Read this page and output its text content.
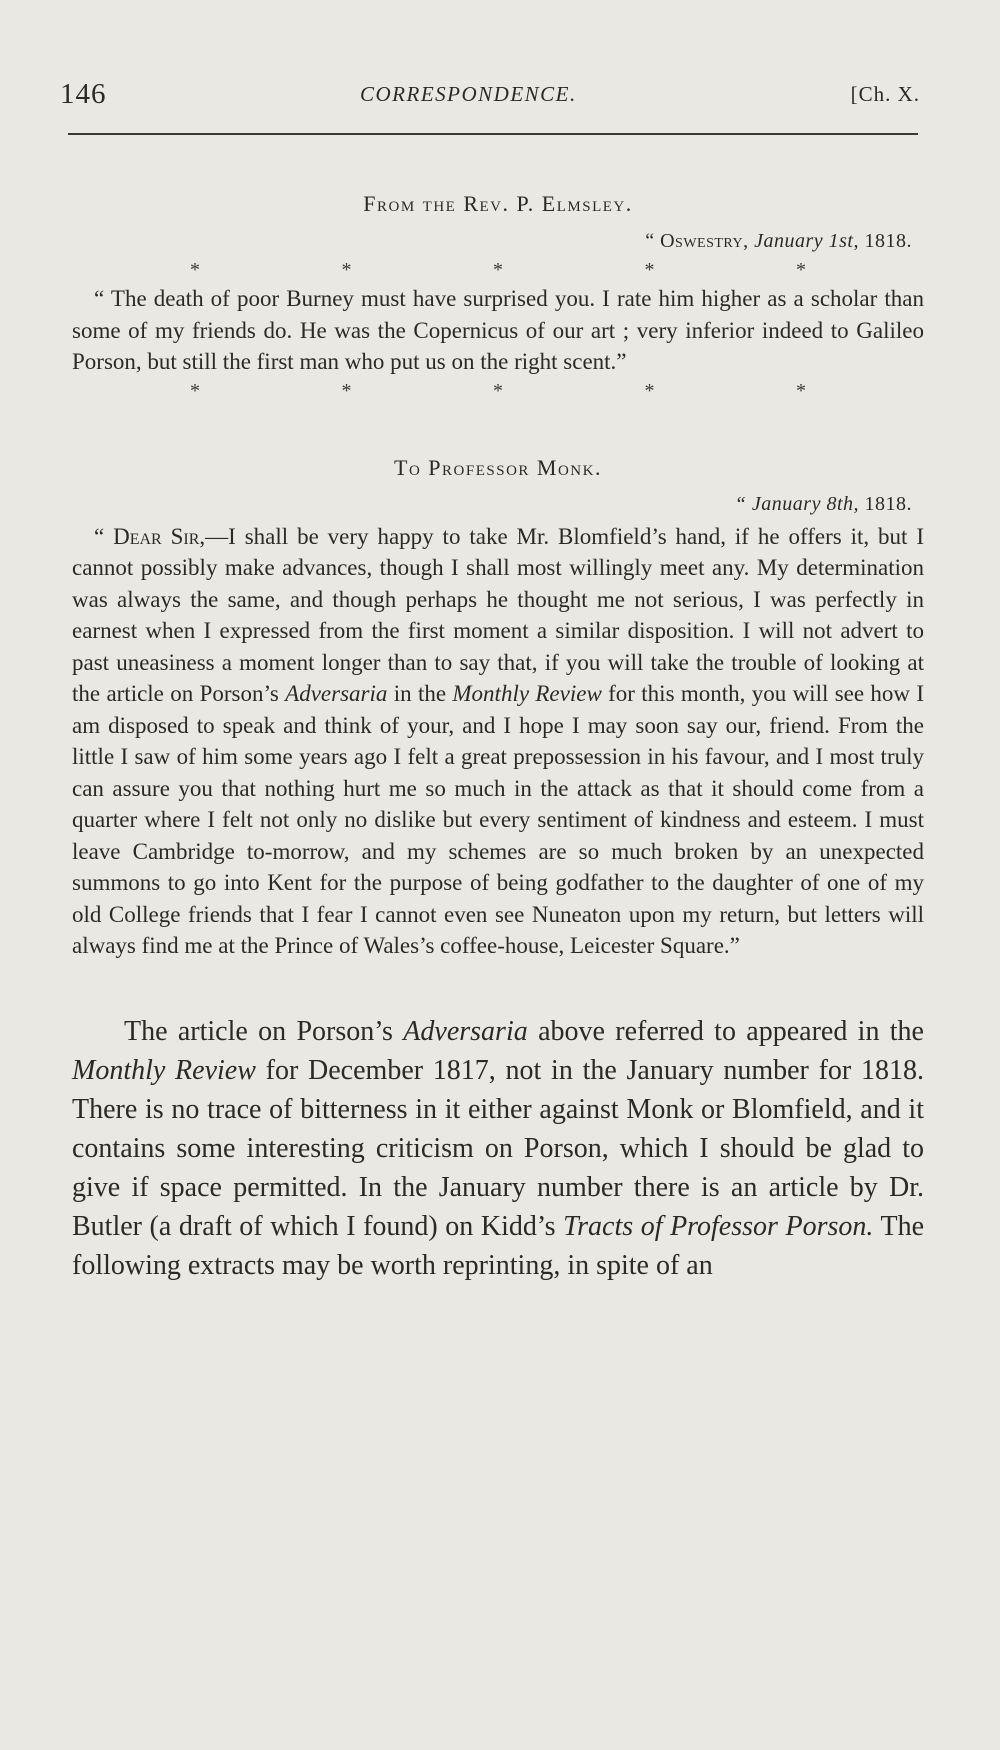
146	CORRESPONDENCE.	[Ch. X.

From the Rev. P. Elmsley.

“ Oswestry, January 1st, 1818.

*	*	*	*	*

“ The death of poor Burney must have surprised you. I rate him higher as a scholar than some of my friends do. He was the Copernicus of our art ; very inferior indeed to Galileo Porson, but still the first man who put us on the right scent.”

*	*	*	*	*

To Professor Monk.

“ January 8th, 1818.

“ Dear Sir,—I shall be very happy to take Mr. Blomfield’s hand, if he offers it, but I cannot possibly make advances, though I shall most willingly meet any. My determination was always the same, and though perhaps he thought me not serious, I was perfectly in earnest when I expressed from the first moment a similar disposition. I will not advert to past uneasiness a moment longer than to say that, if you will take the trouble of looking at the article on Porson’s Adversaria in the Monthly Review for this month, you will see how I am disposed to speak and think of your, and I hope I may soon say our, friend. From the little I saw of him some years ago I felt a great prepossession in his favour, and I most truly can assure you that nothing hurt me so much in the attack as that it should come from a quarter where I felt not only no dislike but every sentiment of kindness and esteem. I must leave Cambridge to-morrow, and my schemes are so much broken by an unexpected summons to go into Kent for the purpose of being godfather to the daughter of one of my old College friends that I fear I cannot even see Nuneaton upon my return, but letters will always find me at the Prince of Wales’s coffee-house, Leicester Square.”

The article on Porson’s Adversaria above referred to appeared in the Monthly Review for December 1817, not in the January number for 1818. There is no trace of bitterness in it either against Monk or Blomfield, and it contains some interesting criticism on Porson, which I should be glad to give if space permitted. In the January number there is an article by Dr. Butler (a draft of which I found) on Kidd’s Tracts of Professor Porson. The following extracts may be worth reprinting, in spite of an
